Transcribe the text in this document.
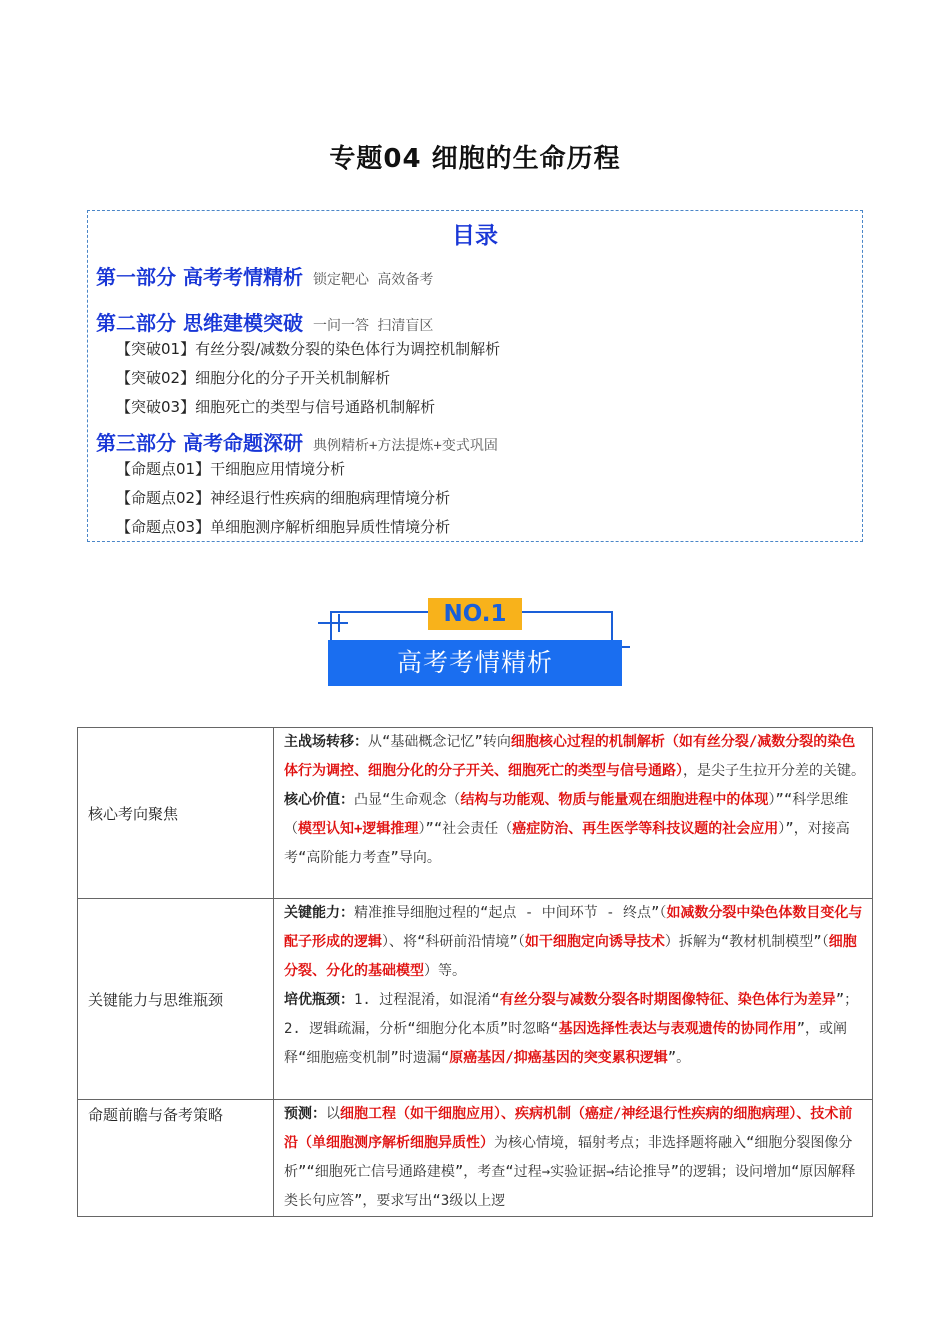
专题04 细胞的生命历程
目录
第一部分 高考考情精析 锁定靶心 高效备考
第二部分 思维建模突破 一问一答 扫清盲区
【突破01】有丝分裂/减数分裂的染色体行为调控机制解析
【突破02】细胞分化的分子开关机制解析
【突破03】细胞死亡的类型与信号通路机制解析
第三部分 高考命题深研 典例精析+方法提炼+变式巩固
【命题点01】干细胞应用情境分析
【命题点02】神经退行性疾病的细胞病理情境分析
【命题点03】单细胞测序解析细胞异质性情境分析
NO.1
高考考情精析
核心考向聚焦	主战场转移：从“基础概念记忆”转向细胞核心过程的机制解析（如有丝分裂/减数分裂的染色体行为调控、细胞分化的分子开关、细胞死亡的类型与信号通路），是尖子生拉开分差的关键。

核心价值：凸显“生命观念（结构与功能观、物质与能量观在细胞进程中的体现）”“科学思维（模型认知+逻辑推理）”“社会责任（癌症防治、再生医学等科技议题的社会应用）”，对接高考“高阶能力考查”导向。

关键能力与思维瓶颈	关键能力：精准推导细胞过程的“起点 - 中间环节 - 终点”（如减数分裂中染色体数目变化与配子形成的逻辑）、将“科研前沿情境”（如干细胞定向诱导技术）拆解为“教材机制模型”（细胞分裂、分化的基础模型）等。

培优瓶颈：1. 过程混淆，如混淆“有丝分裂与减数分裂各时期图像特征、染色体行为差异”；2. 逻辑疏漏，分析“细胞分化本质”时忽略“基因选择性表达与表观遗传的协同作用”，或阐释“细胞癌变机制”时遗漏“原癌基因/抑癌基因的突变累积逻辑”。

命题前瞻与备考策略	预测：以细胞工程（如干细胞应用）、疾病机制（癌症/神经退行性疾病的细胞病理）、技术前沿（单细胞测序解析细胞异质性）为核心情境，辐射考点；非选择题将融入“细胞分裂图像分析”“细胞死亡信号通路建模”，考查“过程→实验证据→结论推导”的逻辑；设问增加“原因解释类长句应答”，要求写出“3级以上逻
